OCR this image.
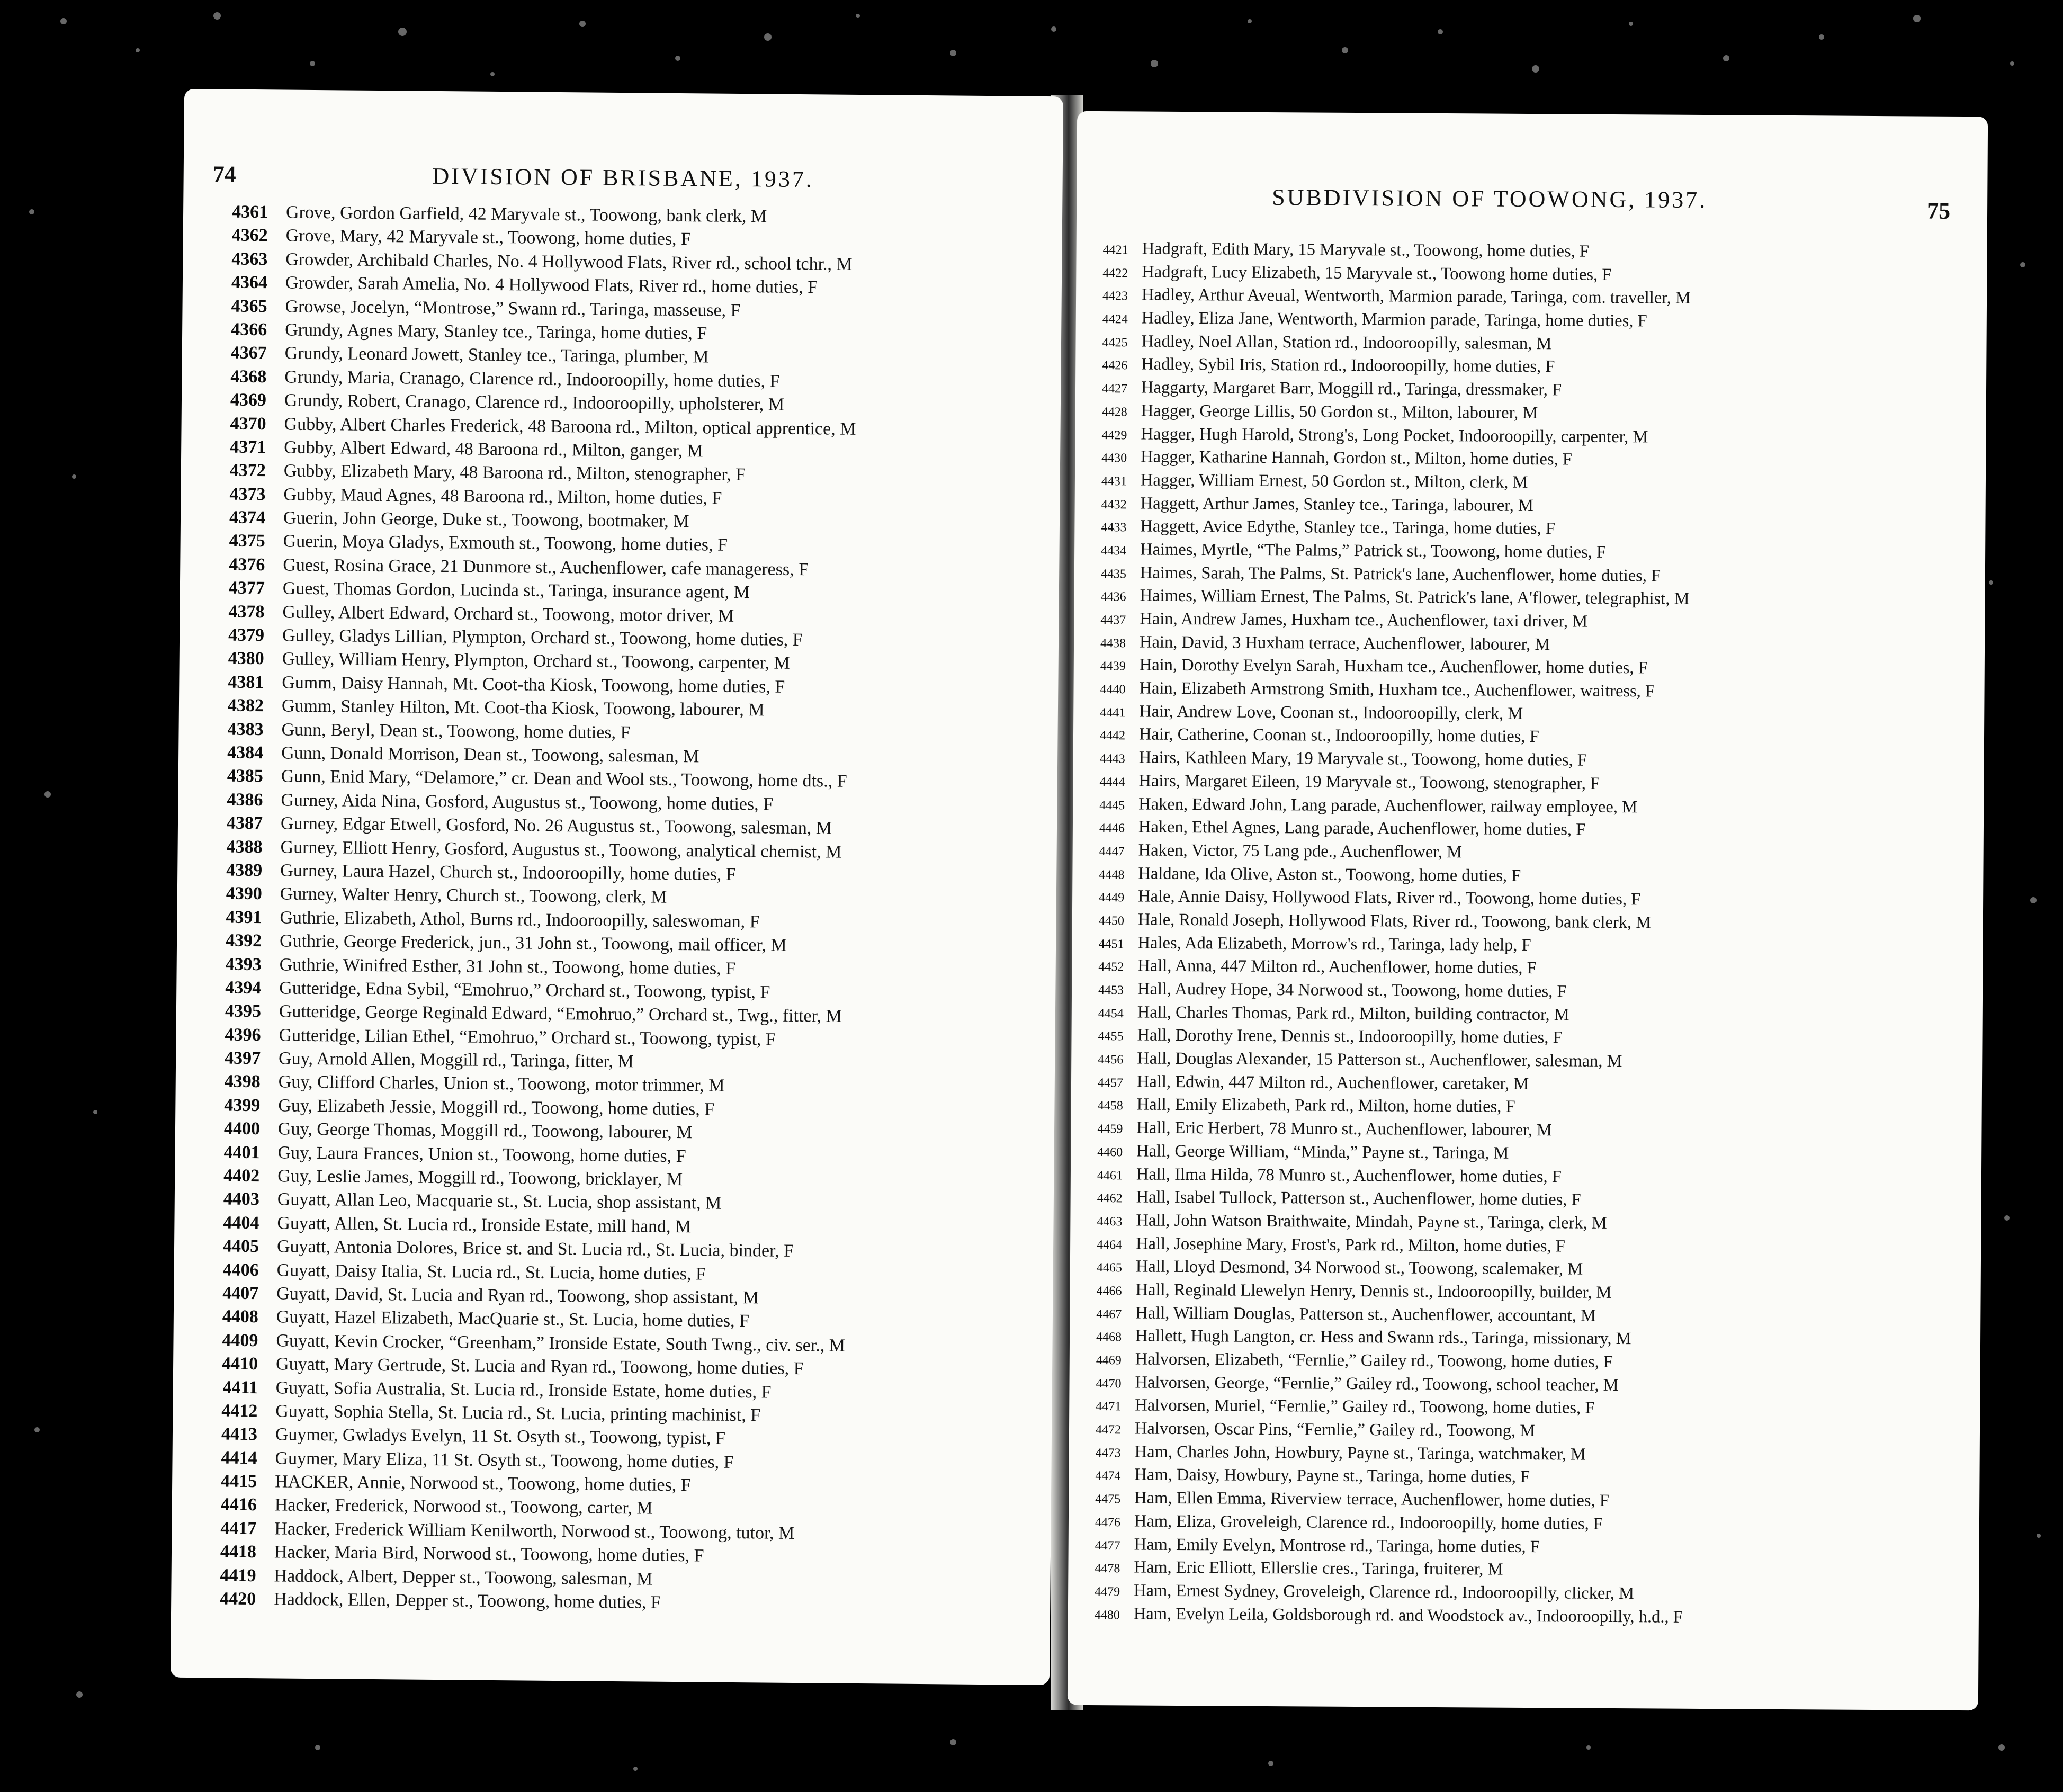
74	DIVISION OF BRISBANE, 1937.
4361 Grove, Gordon Garfield, 42 Maryvale st., Toowong, bank clerk, M
4362 Grove, Mary, 42 Maryvale st., Toowong, home duties, F
4363 Growder, Archibald Charles, No. 4 Hollywood Flats, River rd., school tchr., M
4364 Growder, Sarah Amelia, No. 4 Hollywood Flats, River rd., home duties, F
4365 Growse, Jocelyn, “Montrose,” Swann rd., Taringa, masseuse, F
4366 Grundy, Agnes Mary, Stanley tce., Taringa, home duties, F
4367 Grundy, Leonard Jowett, Stanley tce., Taringa, plumber, M
4368 Grundy, Maria, Cranago, Clarence rd., Indooroopilly, home duties, F
4369 Grundy, Robert, Cranago, Clarence rd., Indooroopilly, upholsterer, M
4370 Gubby, Albert Charles Frederick, 48 Baroona rd., Milton, optical apprentice, M
4371 Gubby, Albert Edward, 48 Baroona rd., Milton, ganger, M
4372 Gubby, Elizabeth Mary, 48 Baroona rd., Milton, stenographer, F
4373 Gubby, Maud Agnes, 48 Baroona rd., Milton, home duties, F
4374 Guerin, John George, Duke st., Toowong, bootmaker, M
4375 Guerin, Moya Gladys, Exmouth st., Toowong, home duties, F
4376 Guest, Rosina Grace, 21 Dunmore st., Auchenflower, cafe manageress, F
4377 Guest, Thomas Gordon, Lucinda st., Taringa, insurance agent, M
4378 Gulley, Albert Edward, Orchard st., Toowong, motor driver, M
4379 Gulley, Gladys Lillian, Plympton, Orchard st., Toowong, home duties, F
4380 Gulley, William Henry, Plympton, Orchard st., Toowong, carpenter, M
4381 Gumm, Daisy Hannah, Mt. Coot-tha Kiosk, Toowong, home duties, F
4382 Gumm, Stanley Hilton, Mt. Coot-tha Kiosk, Toowong, labourer, M
4383 Gunn, Beryl, Dean st., Toowong, home duties, F
4384 Gunn, Donald Morrison, Dean st., Toowong, salesman, M
4385 Gunn, Enid Mary, “Delamore,” cr. Dean and Wool sts., Toowong, home dts., F
4386 Gurney, Aida Nina, Gosford, Augustus st., Toowong, home duties, F
4387 Gurney, Edgar Etwell, Gosford, No. 26 Augustus st., Toowong, salesman, M
4388 Gurney, Elliott Henry, Gosford, Augustus st., Toowong, analytical chemist, M
4389 Gurney, Laura Hazel, Church st., Indooroopilly, home duties, F
4390 Gurney, Walter Henry, Church st., Toowong, clerk, M
4391 Guthrie, Elizabeth, Athol, Burns rd., Indooroopilly, saleswoman, F
4392 Guthrie, George Frederick, jun., 31 John st., Toowong, mail officer, M
4393 Guthrie, Winifred Esther, 31 John st., Toowong, home duties, F
4394 Gutteridge, Edna Sybil, “Emohruo,” Orchard st., Toowong, typist, F
4395 Gutteridge, George Reginald Edward, “Emohruo,” Orchard st., Twg., fitter, M
4396 Gutteridge, Lilian Ethel, “Emohruo,” Orchard st., Toowong, typist, F
4397 Guy, Arnold Allen, Moggill rd., Taringa, fitter, M
4398 Guy, Clifford Charles, Union st., Toowong, motor trimmer, M
4399 Guy, Elizabeth Jessie, Moggill rd., Toowong, home duties, F
4400 Guy, George Thomas, Moggill rd., Toowong, labourer, M
4401 Guy, Laura Frances, Union st., Toowong, home duties, F
4402 Guy, Leslie James, Moggill rd., Toowong, bricklayer, M
4403 Guyatt, Allan Leo, Macquarie st., St. Lucia, shop assistant, M
4404 Guyatt, Allen, St. Lucia rd., Ironside Estate, mill hand, M
4405 Guyatt, Antonia Dolores, Brice st. and St. Lucia rd., St. Lucia, binder, F
4406 Guyatt, Daisy Italia, St. Lucia rd., St. Lucia, home duties, F
4407 Guyatt, David, St. Lucia and Ryan rd., Toowong, shop assistant, M
4408 Guyatt, Hazel Elizabeth, MacQuarie st., St. Lucia, home duties, F
4409 Guyatt, Kevin Crocker, “Greenham,” Ironside Estate, South Twng., civ. ser., M
4410 Guyatt, Mary Gertrude, St. Lucia and Ryan rd., Toowong, home duties, F
4411 Guyatt, Sofia Australia, St. Lucia rd., Ironside Estate, home duties, F
4412 Guyatt, Sophia Stella, St. Lucia rd., St. Lucia, printing machinist, F
4413 Guymer, Gwladys Evelyn, 11 St. Osyth st., Toowong, typist, F
4414 Guymer, Mary Eliza, 11 St. Osyth st., Toowong, home duties, F
4415 HACKER, Annie, Norwood st., Toowong, home duties, F
4416 Hacker, Frederick, Norwood st., Toowong, carter, M
4417 Hacker, Frederick William Kenilworth, Norwood st., Toowong, tutor, M
4418 Hacker, Maria Bird, Norwood st., Toowong, home duties, F
4419 Haddock, Albert, Depper st., Toowong, salesman, M
4420 Haddock, Ellen, Depper st., Toowong, home duties, F
SUBDIVISION OF TOOWONG, 1937.	75
4421 Hadgraft, Edith Mary, 15 Maryvale st., Toowong, home duties, F
4422 Hadgraft, Lucy Elizabeth, 15 Maryvale st., Toowong home duties, F
4423 Hadley, Arthur Aveual, Wentworth, Marmion parade, Taringa, com. traveller, M
4424 Hadley, Eliza Jane, Wentworth, Marmion parade, Taringa, home duties, F
4425 Hadley, Noel Allan, Station rd., Indooroopilly, salesman, M
4426 Hadley, Sybil Iris, Station rd., Indooroopilly, home duties, F
4427 Haggarty, Margaret Barr, Moggill rd., Taringa, dressmaker, F
4428 Hagger, George Lillis, 50 Gordon st., Milton, labourer, M
4429 Hagger, Hugh Harold, Strong's, Long Pocket, Indooroopilly, carpenter, M
4430 Hagger, Katharine Hannah, Gordon st., Milton, home duties, F
4431 Hagger, William Ernest, 50 Gordon st., Milton, clerk, M
4432 Haggett, Arthur James, Stanley tce., Taringa, labourer, M
4433 Haggett, Avice Edythe, Stanley tce., Taringa, home duties, F
4434 Haimes, Myrtle, “The Palms,” Patrick st., Toowong, home duties, F
4435 Haimes, Sarah, The Palms, St. Patrick's lane, Auchenflower, home duties, F
4436 Haimes, William Ernest, The Palms, St. Patrick's lane, A'flower, telegraphist, M
4437 Hain, Andrew James, Huxham tce., Auchenflower, taxi driver, M
4438 Hain, David, 3 Huxham terrace, Auchenflower, labourer, M
4439 Hain, Dorothy Evelyn Sarah, Huxham tce., Auchenflower, home duties, F
4440 Hain, Elizabeth Armstrong Smith, Huxham tce., Auchenflower, waitress, F
4441 Hair, Andrew Love, Coonan st., Indooroopilly, clerk, M
4442 Hair, Catherine, Coonan st., Indooroopilly, home duties, F
4443 Hairs, Kathleen Mary, 19 Maryvale st., Toowong, home duties, F
4444 Hairs, Margaret Eileen, 19 Maryvale st., Toowong, stenographer, F
4445 Haken, Edward John, Lang parade, Auchenflower, railway employee, M
4446 Haken, Ethel Agnes, Lang parade, Auchenflower, home duties, F
4447 Haken, Victor, 75 Lang pde., Auchenflower, M
4448 Haldane, Ida Olive, Aston st., Toowong, home duties, F
4449 Hale, Annie Daisy, Hollywood Flats, River rd., Toowong, home duties, F
4450 Hale, Ronald Joseph, Hollywood Flats, River rd., Toowong, bank clerk, M
4451 Hales, Ada Elizabeth, Morrow's rd., Taringa, lady help, F
4452 Hall, Anna, 447 Milton rd., Auchenflower, home duties, F
4453 Hall, Audrey Hope, 34 Norwood st., Toowong, home duties, F
4454 Hall, Charles Thomas, Park rd., Milton, building contractor, M
4455 Hall, Dorothy Irene, Dennis st., Indooroopilly, home duties, F
4456 Hall, Douglas Alexander, 15 Patterson st., Auchenflower, salesman, M
4457 Hall, Edwin, 447 Milton rd., Auchenflower, caretaker, M
4458 Hall, Emily Elizabeth, Park rd., Milton, home duties, F
4459 Hall, Eric Herbert, 78 Munro st., Auchenflower, labourer, M
4460 Hall, George William, “Minda,” Payne st., Taringa, M
4461 Hall, Ilma Hilda, 78 Munro st., Auchenflower, home duties, F
4462 Hall, Isabel Tullock, Patterson st., Auchenflower, home duties, F
4463 Hall, John Watson Braithwaite, Mindah, Payne st., Taringa, clerk, M
4464 Hall, Josephine Mary, Frost's, Park rd., Milton, home duties, F
4465 Hall, Lloyd Desmond, 34 Norwood st., Toowong, scalemaker, M
4466 Hall, Reginald Llewelyn Henry, Dennis st., Indooroopilly, builder, M
4467 Hall, William Douglas, Patterson st., Auchenflower, accountant, M
4468 Hallett, Hugh Langton, cr. Hess and Swann rds., Taringa, missionary, M
4469 Halvorsen, Elizabeth, “Fernlie,” Gailey rd., Toowong, home duties, F
4470 Halvorsen, George, “Fernlie,” Gailey rd., Toowong, school teacher, M
4471 Halvorsen, Muriel, “Fernlie,” Gailey rd., Toowong, home duties, F
4472 Halvorsen, Oscar Pins, “Fernlie,” Gailey rd., Toowong, M
4473 Ham, Charles John, Howbury, Payne st., Taringa, watchmaker, M
4474 Ham, Daisy, Howbury, Payne st., Taringa, home duties, F
4475 Ham, Ellen Emma, Riverview terrace, Auchenflower, home duties, F
4476 Ham, Eliza, Groveleigh, Clarence rd., Indooroopilly, home duties, F
4477 Ham, Emily Evelyn, Montrose rd., Taringa, home duties, F
4478 Ham, Eric Elliott, Ellerslie cres., Taringa, fruiterer, M
4479 Ham, Ernest Sydney, Groveleigh, Clarence rd., Indooroopilly, clicker, M
4480 Ham, Evelyn Leila, Goldsborough rd. and Woodstock av., Indooroopilly, h.d., F
